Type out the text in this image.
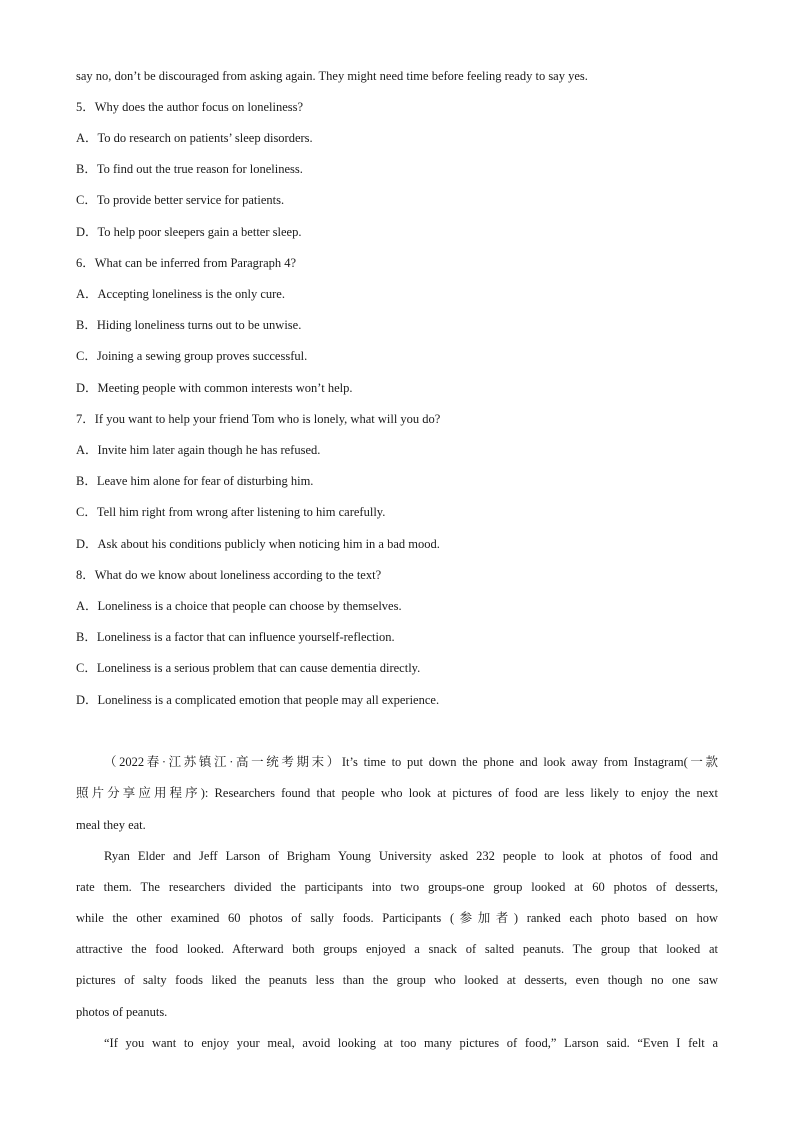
say no, don’t be discouraged from asking again. They might need time before feeling ready to say yes.
5．Why does the author focus on loneliness?
A．To do research on patients’ sleep disorders.
B．To find out the true reason for loneliness.
C．To provide better service for patients.
D．To help poor sleepers gain a better sleep.
6．What can be inferred from Paragraph 4?
A．Accepting loneliness is the only cure.
B．Hiding loneliness turns out to be unwise.
C．Joining a sewing group proves successful.
D．Meeting people with common interests won’t help.
7．If you want to help your friend Tom who is lonely, what will you do?
A．Invite him later again though he has refused.
B．Leave him alone for fear of disturbing him.
C．Tell him right from wrong after listening to him carefully.
D．Ask about his conditions publicly when noticing him in a bad mood.
8．What do we know about loneliness according to the text?
A．Loneliness is a choice that people can choose by themselves.
B．Loneliness is a factor that can influence yourself-reflection.
C．Loneliness is a serious problem that can cause dementia directly.
D．Loneliness is a complicated emotion that people may all experience.
（2022春·江苏镇江·高一统考期末）It’s time to put down the phone and look away from Instagram(一款
照片分享应用程序): Researchers found that people who look at pictures of food are less likely to enjoy the next
meal they eat.
Ryan Elder and Jeff Larson of Brigham Young University asked 232 people to look at photos of food and
rate them. The researchers divided the participants into two groups-one group looked at 60 photos of desserts,
while the other examined 60 photos of sally foods. Participants (参加者) ranked each photo based on how
attractive the food looked. Afterward both groups enjoyed a snack of salted peanuts. The group that looked at
pictures of salty foods liked the peanuts less than the group who looked at desserts, even though no one saw
photos of peanuts.
“If you want to enjoy your meal, avoid looking at too many pictures of food,” Larson said. “Even I felt a
